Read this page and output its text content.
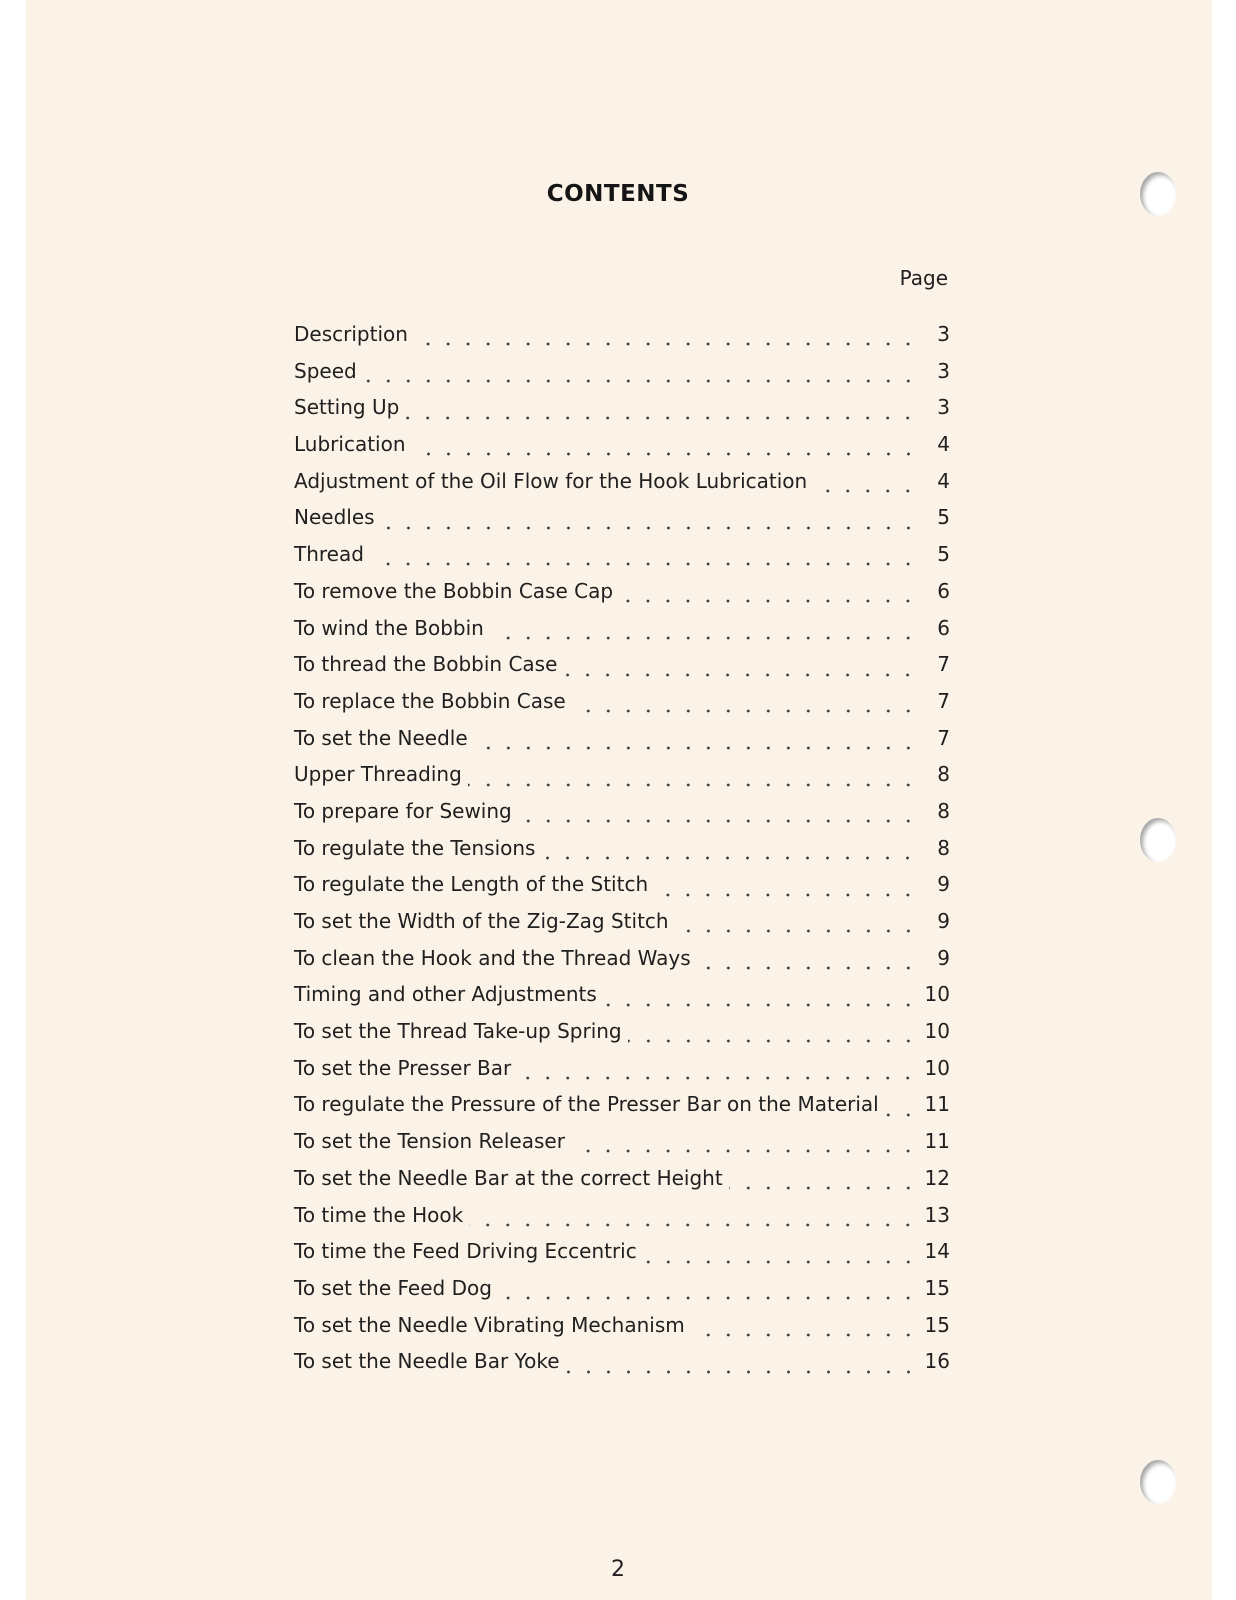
CONTENTS
Page
Description	3
Speed	3
Setting Up	3
Lubrication	4
Adjustment of the Oil Flow for the Hook Lubrication	4
Needles	5
Thread	5
To remove the Bobbin Case Cap	6
To wind the Bobbin	6
To thread the Bobbin Case	7
To replace the Bobbin Case	7
To set the Needle	7
Upper Threading	8
To prepare for Sewing	8
To regulate the Tensions	8
To regulate the Length of the Stitch	9
To set the Width of the Zig-Zag Stitch	9
To clean the Hook and the Thread Ways	9
Timing and other Adjustments	10
To set the Thread Take-up Spring	10
To set the Presser Bar	10
To regulate the Pressure of the Presser Bar on the Material	11
To set the Tension Releaser	11
To set the Needle Bar at the correct Height	12
To time the Hook	13
To time the Feed Driving Eccentric	14
To set the Feed Dog	15
To set the Needle Vibrating Mechanism	15
To set the Needle Bar Yoke	16
2
